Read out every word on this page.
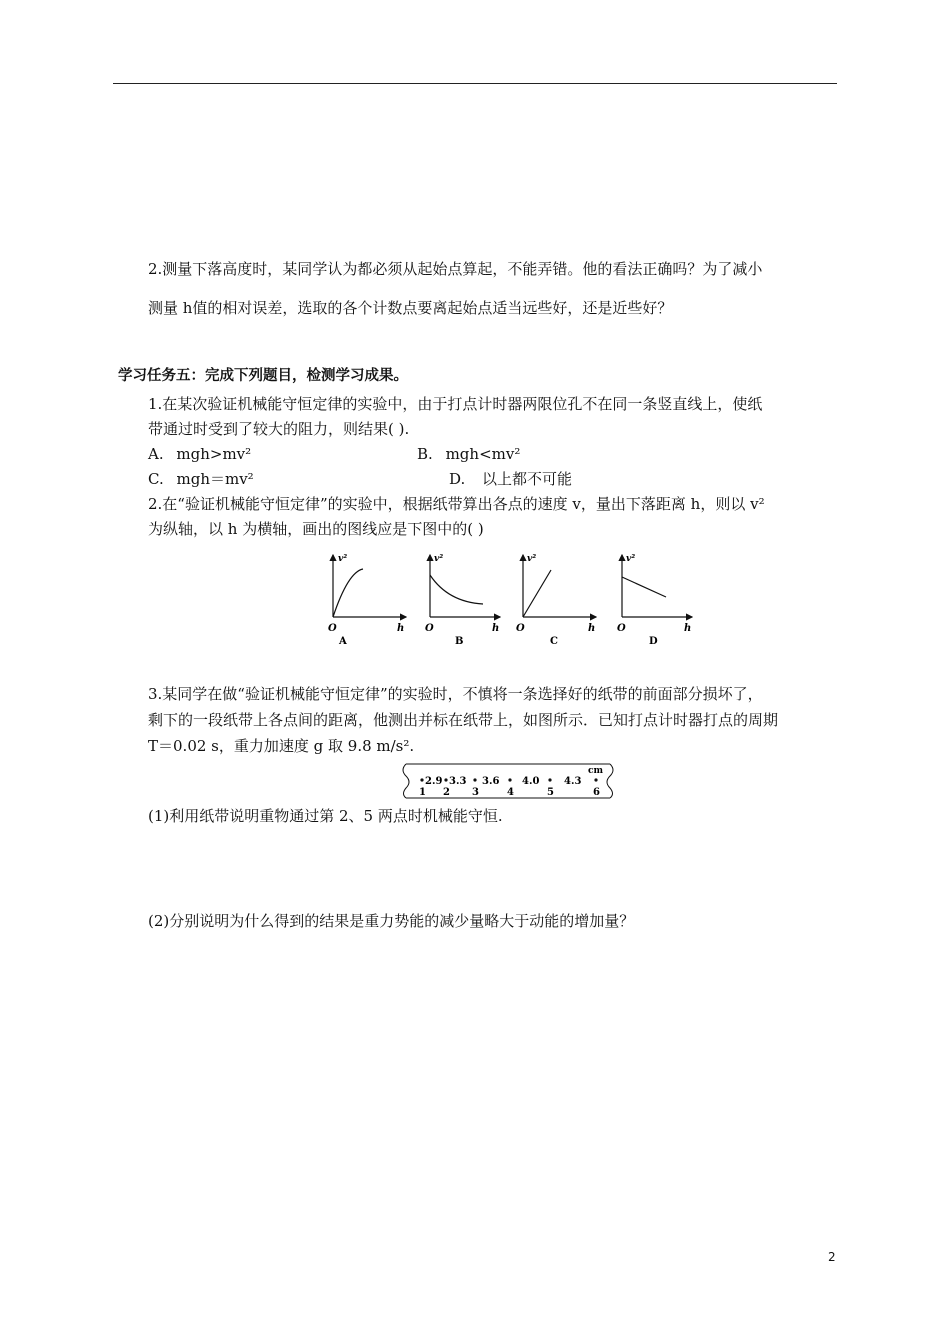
2.测量下落高度时，某同学认为都必须从起始点算起，不能弄错。他的看法正确吗？为了减小
测量 h值的相对误差，选取的各个计数点要离起始点适当远些好，还是近些好？
学习任务五：完成下列题目，检测学习成果。
1.在某次验证机械能守恒定律的实验中，由于打点计时器两限位孔不在同一条竖直线上，使纸
带通过时受到了较大的阻力，则结果( ).
A. mgh>mv²	B. mgh<mv²
C. mgh＝mv²	D. 以上都不可能
2.在“验证机械能守恒定律”的实验中，根据纸带算出各点的速度 v，量出下落距离 h，则以 v²
为纵轴，以 h 为横轴，画出的图线应是下图中的( )
v²
O	h
A
v²
O	h
B
v²
O	h
C
v²
O	h
D
3.某同学在做“验证机械能守恒定律”的实验时，不慎将一条选择好的纸带的前面部分损坏了，
剩下的一段纸带上各点间的距离，他测出并标在纸带上，如图所示．已知打点计时器打点的周期
T＝0.02 s，重力加速度 g 取 9.8 m/s².
2.9 3.3 3.6 4.0 4.3
cm
1 2 3	4	5	6
(1)利用纸带说明重物通过第 2、5 两点时机械能守恒.
(2)分别说明为什么得到的结果是重力势能的减少量略大于动能的增加量？
2
